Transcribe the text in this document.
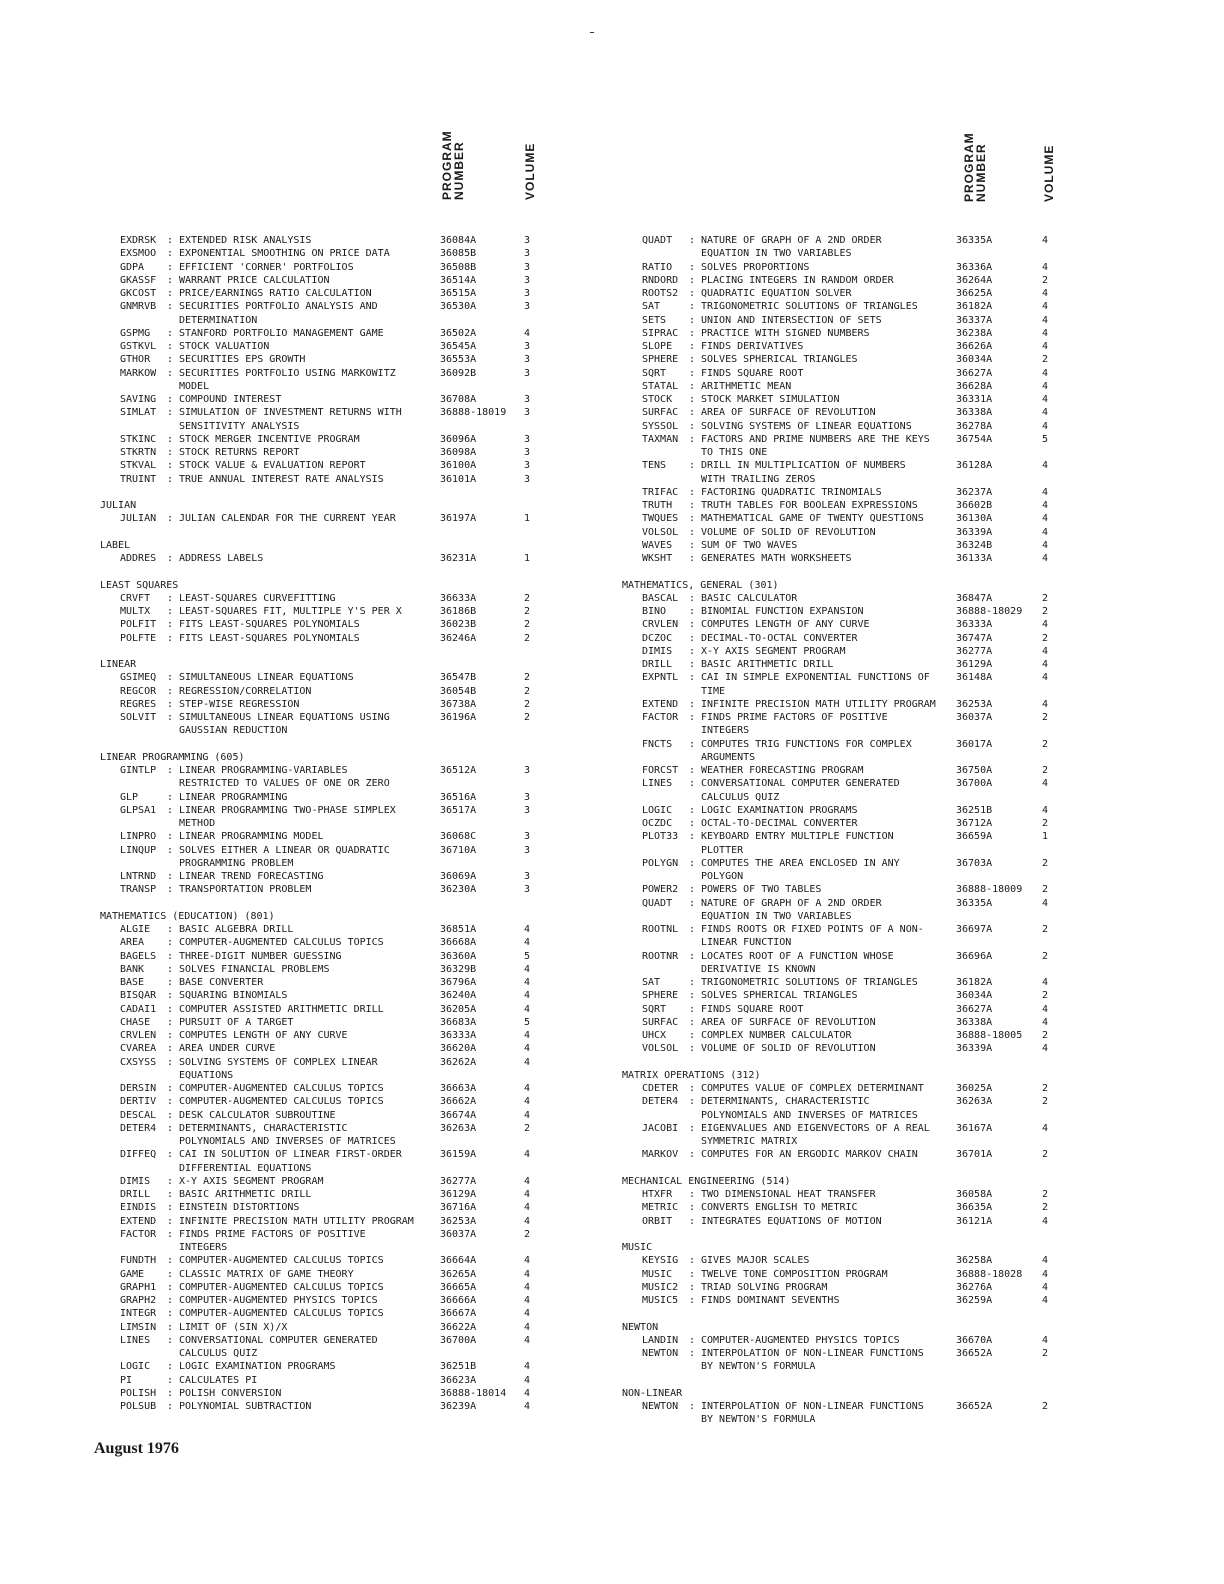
PROGRAM
NUMBER	VOLUME	PROGRAM
NUMBER	VOLUME
EXDRSK : EXTENDED RISK ANALYSIS	36084A	3
EXSMOO : EXPONENTIAL SMOOTHING ON PRICE DATA	36085B	3
GDPA : EFFICIENT 'CORNER' PORTFOLIOS	36508B	3
GKASSF : WARRANT PRICE CALCULATION	36514A	3
GKCOST : PRICE/EARNINGS RATIO CALCULATION	36515A	3
GNMRVB : SECURITIES PORTFOLIO ANALYSIS AND	36530A	3
DETERMINATION
GSPMG : STANFORD PORTFOLIO MANAGEMENT GAME	36502A	4
GSTKVL : STOCK VALUATION	36545A	3
GTHOR : SECURITIES EPS GROWTH	36553A	3
MARKOW : SECURITIES PORTFOLIO USING MARKOWITZ	36092B	3
MODEL
SAVING : COMPOUND INTEREST	36708A	3
SIMLAT : SIMULATION OF INVESTMENT RETURNS WITH	36888-18019 3
SENSITIVITY ANALYSIS
STKINC : STOCK MERGER INCENTIVE PROGRAM	36096A	3
STKRTN : STOCK RETURNS REPORT	36098A	3
STKVAL : STOCK VALUE & EVALUATION REPORT	36100A	3
TRUINT : TRUE ANNUAL INTEREST RATE ANALYSIS	36101A	3
JULIAN
JULIAN : JULIAN CALENDAR FOR THE CURRENT YEAR	36197A	1
LABEL
ADDRES : ADDRESS LABELS	36231A	1
LEAST SQUARES
CRVFT : LEAST-SQUARES CURVEFITTING	36633A	2
MULTX : LEAST-SQUARES FIT, MULTIPLE Y'S PER X	36186B	2
POLFIT : FITS LEAST-SQUARES POLYNOMIALS	36023B	2
POLFTE : FITS LEAST-SQUARES POLYNOMIALS	36246A	2
LINEAR
GSIMEQ : SIMULTANEOUS LINEAR EQUATIONS	36547B	2
REGCOR : REGRESSION/CORRELATION	36054B	2
REGRES : STEP-WISE REGRESSION	36738A	2
SOLVIT : SIMULTANEOUS LINEAR EQUATIONS USING	36196A	2
GAUSSIAN REDUCTION
LINEAR PROGRAMMING (605)
GINTLP : LINEAR PROGRAMMING-VARIABLES	36512A	3
RESTRICTED TO VALUES OF ONE OR ZERO
GLP	: LINEAR PROGRAMMING	36516A	3
GLPSA1 : LINEAR PROGRAMMING TWO-PHASE SIMPLEX	36517A	3
METHOD
LINPRO : LINEAR PROGRAMMING MODEL	36068C	3
LINQUP : SOLVES EITHER A LINEAR OR QUADRATIC	36710A	3
PROGRAMMING PROBLEM
LNTRND : LINEAR TREND FORECASTING	36069A	3
TRANSP : TRANSPORTATION PROBLEM	36230A	3
MATHEMATICS (EDUCATION) (801)
ALGIE : BASIC ALGEBRA DRILL	36851A	4
AREA : COMPUTER-AUGMENTED CALCULUS TOPICS	36668A	4
BAGELS : THREE-DIGIT NUMBER GUESSING	36360A	5
BANK : SOLVES FINANCIAL PROBLEMS	36329B	4
BASE : BASE CONVERTER	36796A	4
BISQAR : SQUARING BINOMIALS	36240A	4
CADAI1 : COMPUTER ASSISTED ARITHMETIC DRILL	36205A	4
CHASE : PURSUIT OF A TARGET	36683A	5
CRVLEN : COMPUTES LENGTH OF ANY CURVE	36333A	4
CVAREA : AREA UNDER CURVE	36620A	4
CXSYSS : SOLVING SYSTEMS OF COMPLEX LINEAR	36262A	4
EQUATIONS
DERSIN : COMPUTER-AUGMENTED CALCULUS TOPICS	36663A	4
DERTIV : COMPUTER-AUGMENTED CALCULUS TOPICS	36662A	4
DESCAL : DESK CALCULATOR SUBROUTINE	36674A	4
DETER4 : DETERMINANTS, CHARACTERISTIC	36263A	2
POLYNOMIALS AND INVERSES OF MATRICES
DIFFEQ : CAI IN SOLUTION OF LINEAR FIRST-ORDER	36159A	4
DIFFERENTIAL EQUATIONS
DIMIS : X-Y AXIS SEGMENT PROGRAM	36277A	4
DRILL : BASIC ARITHMETIC DRILL	36129A	4
EINDIS : EINSTEIN DISTORTIONS	36716A	4
EXTEND : INFINITE PRECISION MATH UTILITY PROGRAM	36253A	4
FACTOR : FINDS PRIME FACTORS OF POSITIVE	36037A	2
INTEGERS
FUNDTH : COMPUTER-AUGMENTED CALCULUS TOPICS	36664A	4
GAME : CLASSIC MATRIX OF GAME THEORY	36265A	4
GRAPH1 : COMPUTER-AUGMENTED CALCULUS TOPICS	36665A	4
GRAPH2 : COMPUTER-AUGMENTED PHYSICS TOPICS	36666A	4
INTEGR : COMPUTER-AUGMENTED CALCULUS TOPICS	36667A	4
LIMSIN : LIMIT OF (SIN X)/X	36622A	4
LINES : CONVERSATIONAL COMPUTER GENERATED	36700A	4
CALCULUS QUIZ
LOGIC : LOGIC EXAMINATION PROGRAMS	36251B	4
PI	: CALCULATES PI	36623A	4
POLISH : POLISH CONVERSION	36888-18014 4
POLSUB : POLYNOMIAL SUBTRACTION	36239A	4
QUADT : NATURE OF GRAPH OF A 2ND ORDER	36335A	4
EQUATION IN TWO VARIABLES
RATIO : SOLVES PROPORTIONS	36336A	4
RNDORD : PLACING INTEGERS IN RANDOM ORDER	36264A	2
ROOTS2 : QUADRATIC EQUATION SOLVER	36625A	4
SAT	: TRIGONOMETRIC SOLUTIONS OF TRIANGLES	36182A	4
SETS : UNION AND INTERSECTION OF SETS	36337A	4
SIPRAC : PRACTICE WITH SIGNED NUMBERS	36238A	4
SLOPE : FINDS DERIVATIVES	36626A	4
SPHERE : SOLVES SPHERICAL TRIANGLES	36034A	2
SQRT : FINDS SQUARE ROOT	36627A	4
STATAL : ARITHMETIC MEAN	36628A	4
STOCK : STOCK MARKET SIMULATION	36331A	4
SURFAC : AREA OF SURFACE OF REVOLUTION	36338A	4
SYSSOL : SOLVING SYSTEMS OF LINEAR EQUATIONS	36278A	4
TAXMAN : FACTORS AND PRIME NUMBERS ARE THE KEYS	36754A	5
TO THIS ONE
TENS : DRILL IN MULTIPLICATION OF NUMBERS	36128A	4
WITH TRAILING ZEROS
TRIFAC : FACTORING QUADRATIC TRINOMIALS	36237A	4
TRUTH : TRUTH TABLES FOR BOOLEAN EXPRESSIONS	36602B	4
TWQUES : MATHEMATICAL GAME OF TWENTY QUESTIONS	36130A	4
VOLSOL : VOLUME OF SOLID OF REVOLUTION	36339A	4
WAVES : SUM OF TWO WAVES	36324B	4
WKSHT : GENERATES MATH WORKSHEETS	36133A	4
MATHEMATICS, GENERAL (301)
BASCAL : BASIC CALCULATOR	36847A	2
BINO : BINOMIAL FUNCTION EXPANSION	36888-18029 2
CRVLEN : COMPUTES LENGTH OF ANY CURVE	36333A	4
DCZOC : DECIMAL-TO-OCTAL CONVERTER	36747A	2
DIMIS : X-Y AXIS SEGMENT PROGRAM	36277A	4
DRILL : BASIC ARITHMETIC DRILL	36129A	4
EXPNTL : CAI IN SIMPLE EXPONENTIAL FUNCTIONS OF	36148A	4
TIME
EXTEND : INFINITE PRECISION MATH UTILITY PROGRAM 36253A	4
FACTOR : FINDS PRIME FACTORS OF POSITIVE	36037A	2
INTEGERS
FNCTS : COMPUTES TRIG FUNCTIONS FOR COMPLEX	36017A	2
ARGUMENTS
FORCST : WEATHER FORECASTING PROGRAM	36750A	2
LINES : CONVERSATIONAL COMPUTER GENERATED	36700A	4
CALCULUS QUIZ
LOGIC : LOGIC EXAMINATION PROGRAMS	36251B	4
OCZDC : OCTAL-TO-DECIMAL CONVERTER	36712A	2
PLOT33 : KEYBOARD ENTRY MULTIPLE FUNCTION	36659A	1
PLOTTER
POLYGN : COMPUTES THE AREA ENCLOSED IN ANY	36703A	2
POLYGON
POWER2 : POWERS OF TWO TABLES	36888-18009 2
QUADT : NATURE OF GRAPH OF A 2ND ORDER	36335A	4
EQUATION IN TWO VARIABLES
ROOTNL : FINDS ROOTS OR FIXED POINTS OF A NON-	36697A	2
LINEAR FUNCTION
ROOTNR : LOCATES ROOT OF A FUNCTION WHOSE	36696A	2
DERIVATIVE IS KNOWN
SAT	: TRIGONOMETRIC SOLUTIONS OF TRIANGLES	36182A	4
SPHERE : SOLVES SPHERICAL TRIANGLES	36034A	2
SQRT : FINDS SQUARE ROOT	36627A	4
SURFAC : AREA OF SURFACE OF REVOLUTION	36338A	4
UHCX : COMPLEX NUMBER CALCULATOR	36888-18005 2
VOLSOL : VOLUME OF SOLID OF REVOLUTION	36339A	4
MATRIX OPERATIONS (312)
CDETER : COMPUTES VALUE OF COMPLEX DETERMINANT	36025A	2
DETER4 : DETERMINANTS, CHARACTERISTIC	36263A	2
POLYNOMIALS AND INVERSES OF MATRICES
JACOBI : EIGENVALUES AND EIGENVECTORS OF A REAL	36167A	4
SYMMETRIC MATRIX
MARKOV : COMPUTES FOR AN ERGODIC MARKOV CHAIN	36701A	2
MECHANICAL ENGINEERING (514)
HTXFR : TWO DIMENSIONAL HEAT TRANSFER	36058A	2
METRIC : CONVERTS ENGLISH TO METRIC	36635A	2
ORBIT : INTEGRATES EQUATIONS OF MOTION	36121A	4
MUSIC
KEYSIG : GIVES MAJOR SCALES	36258A	4
MUSIC : TWELVE TONE COMPOSITION PROGRAM	36888-18028 4
MUSIC2 : TRIAD SOLVING PROGRAM	36276A	4
MUSIC5 : FINDS DOMINANT SEVENTHS	36259A	4
NEWTON
LANDIN : COMPUTER-AUGMENTED PHYSICS TOPICS	36670A	4
NEWTON : INTERPOLATION OF NON-LINEAR FUNCTIONS	36652A	2
BY NEWTON'S FORMULA
NON-LINEAR
NEWTON : INTERPOLATION OF NON-LINEAR FUNCTIONS	36652A	2
BY NEWTON'S FORMULA
August 1976
